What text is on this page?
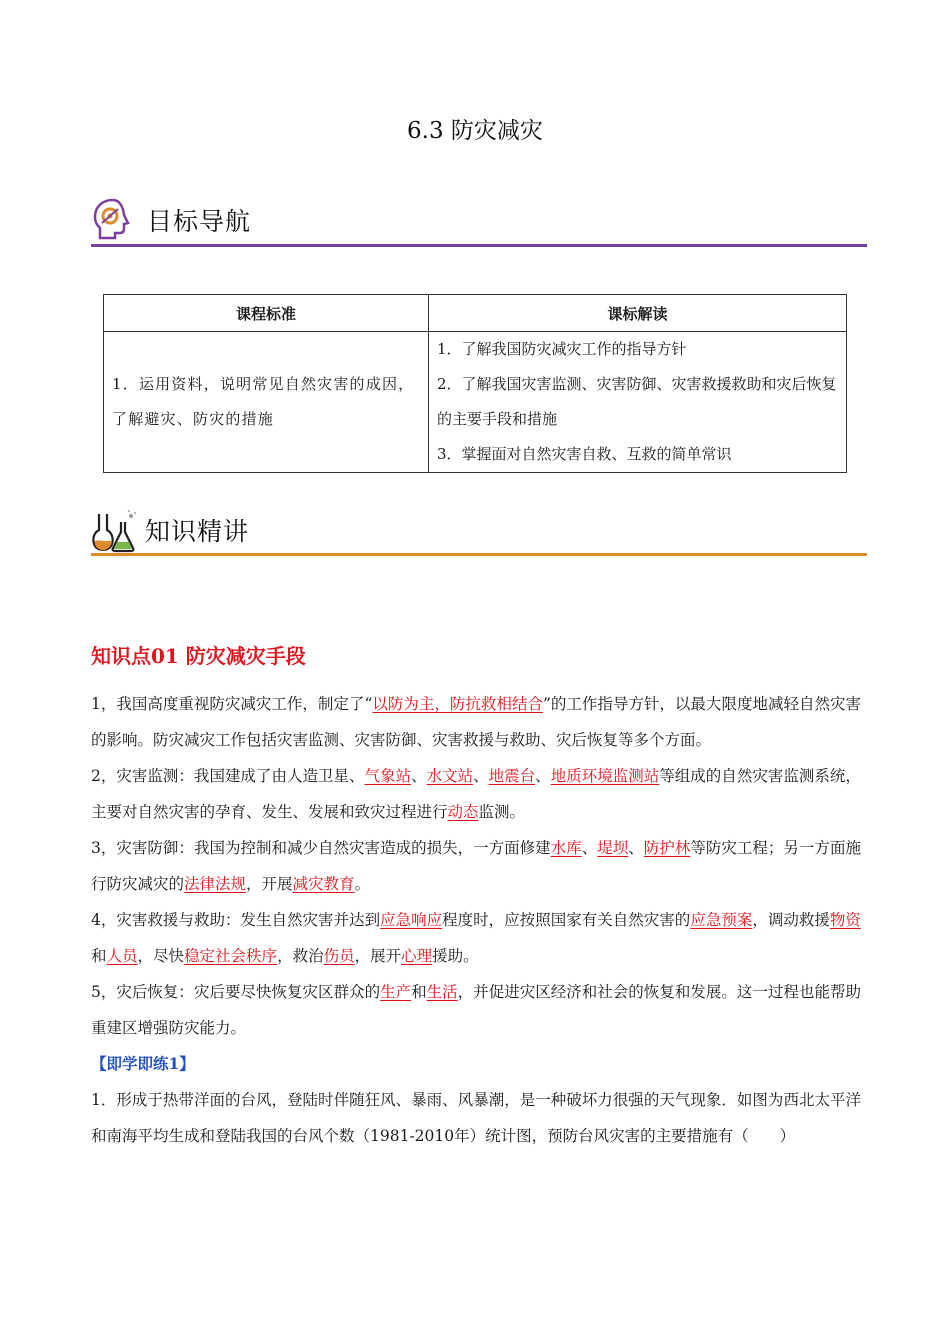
6.3 防灾减灾
目标导航
课程标准	课标解读
1．运用资料，说明常见自然灾害的成因，了解避灾、防灾的措施	1．了解我国防灾减灾工作的指导方针
2．了解我国灾害监测、灾害防御、灾害救援救助和灾后恢复的主要手段和措施
3．掌握面对自然灾害自救、互救的简单常识
知识精讲
知识点01 防灾减灾手段

1，我国高度重视防灾减灾工作，制定了“以防为主，防抗救相结合”的工作指导方针，以最大限度地减轻自然灾害的影响。防灾减灾工作包括灾害监测、灾害防御、灾害救援与救助、灾后恢复等多个方面。

2，灾害监测：我国建成了由人造卫星、气象站、水文站、地震台、地质环境监测站等组成的自然灾害监测系统，主要对自然灾害的孕育、发生、发展和致灾过程进行动态监测。

3，灾害防御：我国为控制和减少自然灾害造成的损失，一方面修建水库、堤坝、防护林等防灾工程；另一方面施行防灾减灾的法律法规，开展减灾教育。

4，灾害救援与救助：发生自然灾害并达到应急响应程度时，应按照国家有关自然灾害的应急预案，调动救援物资和人员，尽快稳定社会秩序，救治伤员，展开心理援助。

5，灾后恢复：灾后要尽快恢复灾区群众的生产和生活，并促进灾区经济和社会的恢复和发展。这一过程也能帮助重建区增强防灾能力。

【即学即练1】

1．形成于热带洋面的台风，登陆时伴随狂风、暴雨、风暴潮，是一种破坏力很强的天气现象．如图为西北太平洋和南海平均生成和登陆我国的台风个数（1981-2010年）统计图，预防台风灾害的主要措施有（　　）
